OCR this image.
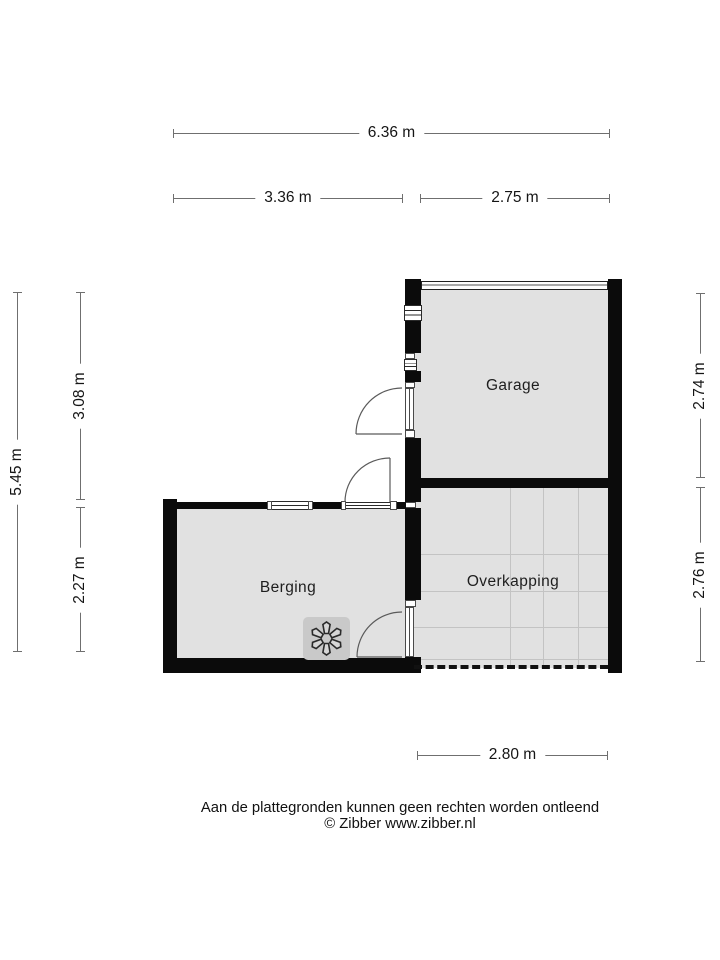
Garage
Berging	Overkapping
6.36 m
3.36 m	2.75 m
2.80 m
5.45 m
3.08 m
2.27 m
2.74 m
2.76 m
Aan de plattegronden kunnen geen rechten worden ontleend
© Zibber www.zibber.nl
